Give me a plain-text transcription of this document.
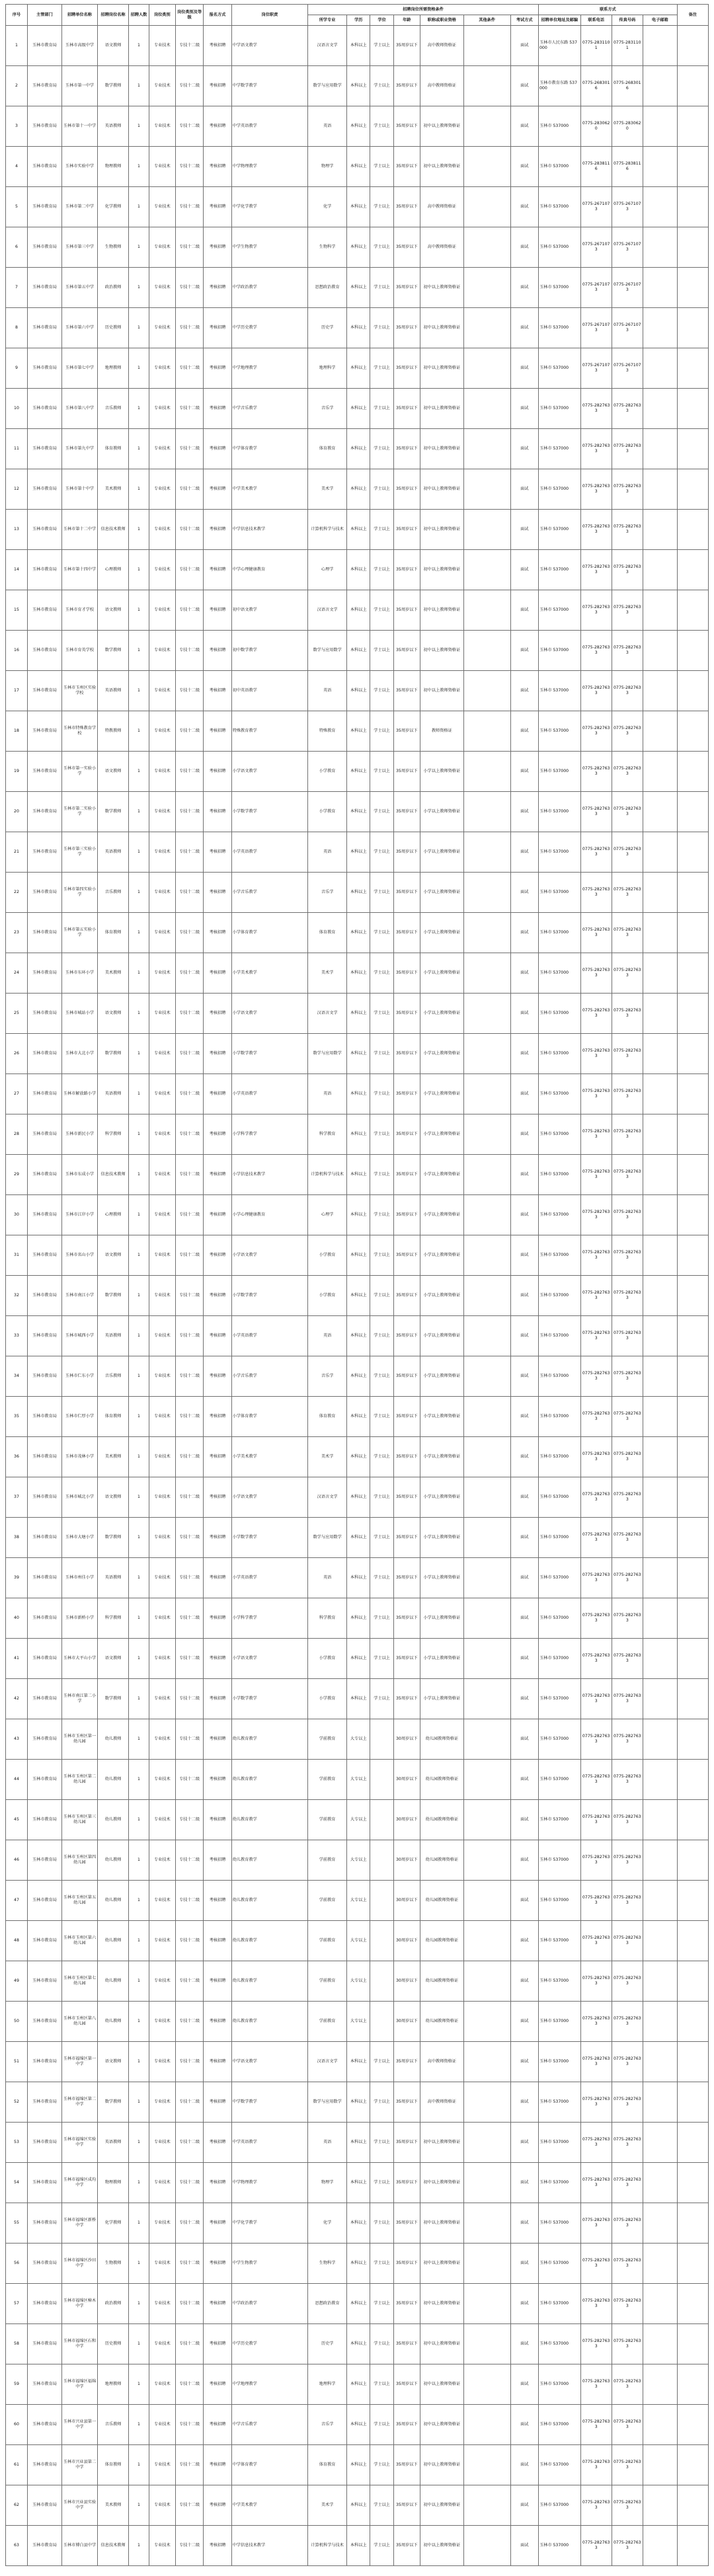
序号	主管部门	招聘单位名称	招聘岗位名称	招聘人数	岗位类别	岗位类别及等级	报名方式	岗位职责	招聘岗位所需资格条件							联系方式				备注
									所学专业	学历	学位	年龄	职称或职业资格	其他条件	考试方式	招聘单位地址及邮编	联系电话	传真号码	电子邮箱	
1	玉林市教育局	玉林市高级中学	语文教师	1	专业技术	专技十二级	考核招聘	中学语文教学	汉语言文学	本科以上	学士以上	35周岁以下	高中教师资格证		面试	玉林市人民东路 537000	0775-2831101	0775-2831101		
2	玉林市教育局	玉林市第一中学	数学教师	1	专业技术	专技十二级	考核招聘	中学数学教学	数学与应用数学	本科以上	学士以上	35周岁以下	高中教师资格证		面试	玉林市教育东路 537000	0775-2683016	0775-2683016		
3	玉林市教育局	玉林市第十一中学	英语教师	1	专业技术	专技十二级	考核招聘	中学英语教学	英语	本科以上	学士以上	35周岁以下	初中以上教师资格证		面试	玉林市 537000	0775-2830620	0775-2830620		
4	玉林市教育局	玉林市实验中学	物理教师	1	专业技术	专技十二级	考核招聘	中学物理教学	物理学	本科以上	学士以上	35周岁以下	初中以上教师资格证		面试	玉林市 537000	0775-2838116	0775-2838116		
5	玉林市教育局	玉林市第二中学	化学教师	1	专业技术	专技十二级	考核招聘	中学化学教学	化学	本科以上	学士以上	35周岁以下	高中教师资格证		面试	玉林市 537000	0775-2671073	0775-2671073		
6	玉林市教育局	玉林市第三中学	生物教师	1	专业技术	专技十二级	考核招聘	中学生物教学	生物科学	本科以上	学士以上	35周岁以下	高中教师资格证		面试	玉林市 537000	0775-2671073	0775-2671073		
7	玉林市教育局	玉林市第五中学	政治教师	1	专业技术	专技十二级	考核招聘	中学政治教学	思想政治教育	本科以上	学士以上	35周岁以下	初中以上教师资格证		面试	玉林市 537000	0775-2671073	0775-2671073		
8	玉林市教育局	玉林市第六中学	历史教师	1	专业技术	专技十二级	考核招聘	中学历史教学	历史学	本科以上	学士以上	35周岁以下	初中以上教师资格证		面试	玉林市 537000	0775-2671073	0775-2671073		
9	玉林市教育局	玉林市第七中学	地理教师	1	专业技术	专技十二级	考核招聘	中学地理教学	地理科学	本科以上	学士以上	35周岁以下	初中以上教师资格证		面试	玉林市 537000	0775-2671073	0775-2671073		
10	玉林市教育局	玉林市第八中学	音乐教师	1	专业技术	专技十二级	考核招聘	中学音乐教学	音乐学	本科以上	学士以上	35周岁以下	初中以上教师资格证		面试	玉林市 537000	0775-2827633	0775-2827633		
11	玉林市教育局	玉林市第九中学	体育教师	1	专业技术	专技十二级	考核招聘	中学体育教学	体育教育	本科以上	学士以上	35周岁以下	初中以上教师资格证		面试	玉林市 537000	0775-2827633	0775-2827633		
12	玉林市教育局	玉林市第十中学	美术教师	1	专业技术	专技十二级	考核招聘	中学美术教学	美术学	本科以上	学士以上	35周岁以下	初中以上教师资格证		面试	玉林市 537000	0775-2827633	0775-2827633		
13	玉林市教育局	玉林市第十二中学	信息技术教师	1	专业技术	专技十二级	考核招聘	中学信息技术教学	计算机科学与技术	本科以上	学士以上	35周岁以下	初中以上教师资格证		面试	玉林市 537000	0775-2827633	0775-2827633		
14	玉林市教育局	玉林市第十四中学	心理教师	1	专业技术	专技十二级	考核招聘	中学心理健康教育	心理学	本科以上	学士以上	35周岁以下	初中以上教师资格证		面试	玉林市 537000	0775-2827633	0775-2827633		
15	玉林市教育局	玉林市育才学校	语文教师	1	专业技术	专技十二级	考核招聘	初中语文教学	汉语言文学	本科以上	学士以上	35周岁以下	初中以上教师资格证		面试	玉林市 537000	0775-2827633	0775-2827633		
16	玉林市教育局	玉林市育英学校	数学教师	1	专业技术	专技十二级	考核招聘	初中数学教学	数学与应用数学	本科以上	学士以上	35周岁以下	初中以上教师资格证		面试	玉林市 537000	0775-2827633	0775-2827633		
17	玉林市教育局	玉林市玉州区实验学校	英语教师	1	专业技术	专技十二级	考核招聘	初中英语教学	英语	本科以上	学士以上	35周岁以下	初中以上教师资格证		面试	玉林市 537000	0775-2827633	0775-2827633		
18	玉林市教育局	玉林市特殊教育学校	特教教师	1	专业技术	专技十二级	考核招聘	特殊教育教学	特殊教育	本科以上	学士以上	35周岁以下	教师资格证		面试	玉林市 537000	0775-2827633	0775-2827633		
19	玉林市教育局	玉林市第一实验小学	语文教师	1	专业技术	专技十二级	考核招聘	小学语文教学	小学教育	本科以上	学士以上	35周岁以下	小学以上教师资格证		面试	玉林市 537000	0775-2827633	0775-2827633		
20	玉林市教育局	玉林市第二实验小学	数学教师	1	专业技术	专技十二级	考核招聘	小学数学教学	小学教育	本科以上	学士以上	35周岁以下	小学以上教师资格证		面试	玉林市 537000	0775-2827633	0775-2827633		
21	玉林市教育局	玉林市第三实验小学	英语教师	1	专业技术	专技十二级	考核招聘	小学英语教学	英语	本科以上	学士以上	35周岁以下	小学以上教师资格证		面试	玉林市 537000	0775-2827633	0775-2827633		
22	玉林市教育局	玉林市第四实验小学	音乐教师	1	专业技术	专技十二级	考核招聘	小学音乐教学	音乐学	本科以上	学士以上	35周岁以下	小学以上教师资格证		面试	玉林市 537000	0775-2827633	0775-2827633		
23	玉林市教育局	玉林市第五实验小学	体育教师	1	专业技术	专技十二级	考核招聘	小学体育教学	体育教育	本科以上	学士以上	35周岁以下	小学以上教师资格证		面试	玉林市 537000	0775-2827633	0775-2827633		
24	玉林市教育局	玉林市东环小学	美术教师	1	专业技术	专技十二级	考核招聘	小学美术教学	美术学	本科以上	学士以上	35周岁以下	小学以上教师资格证		面试	玉林市 537000	0775-2827633	0775-2827633		
25	玉林市教育局	玉林市城站小学	语文教师	1	专业技术	专技十二级	考核招聘	小学语文教学	汉语言文学	本科以上	学士以上	35周岁以下	小学以上教师资格证		面试	玉林市 537000	0775-2827633	0775-2827633		
26	玉林市教育局	玉林市大北小学	数学教师	1	专业技术	专技十二级	考核招聘	小学数学教学	数学与应用数学	本科以上	学士以上	35周岁以下	小学以上教师资格证		面试	玉林市 537000	0775-2827633	0775-2827633		
27	玉林市教育局	玉林市解放路小学	英语教师	1	专业技术	专技十二级	考核招聘	小学英语教学	英语	本科以上	学士以上	35周岁以下	小学以上教师资格证		面试	玉林市 537000	0775-2827633	0775-2827633		
28	玉林市教育局	玉林市新民小学	科学教师	1	专业技术	专技十二级	考核招聘	小学科学教学	科学教育	本科以上	学士以上	35周岁以下	小学以上教师资格证		面试	玉林市 537000	0775-2827633	0775-2827633		
29	玉林市教育局	玉林市东成小学	信息技术教师	1	专业技术	专技十二级	考核招聘	小学信息技术教学	计算机科学与技术	本科以上	学士以上	35周岁以下	小学以上教师资格证		面试	玉林市 537000	0775-2827633	0775-2827633		
30	玉林市教育局	玉林市江岸小学	心理教师	1	专业技术	专技十二级	考核招聘	小学心理健康教育	心理学	本科以上	学士以上	35周岁以下	小学以上教师资格证		面试	玉林市 537000	0775-2827633	0775-2827633		
31	玉林市教育局	玉林市名山小学	语文教师	1	专业技术	专技十二级	考核招聘	小学语文教学	小学教育	本科以上	学士以上	35周岁以下	小学以上教师资格证		面试	玉林市 537000	0775-2827633	0775-2827633		
32	玉林市教育局	玉林市南江小学	数学教师	1	专业技术	专技十二级	考核招聘	小学数学教学	小学教育	本科以上	学士以上	35周岁以下	小学以上教师资格证		面试	玉林市 537000	0775-2827633	0775-2827633		
33	玉林市教育局	玉林市城西小学	英语教师	1	专业技术	专技十二级	考核招聘	小学英语教学	英语	本科以上	学士以上	35周岁以下	小学以上教师资格证		面试	玉林市 537000	0775-2827633	0775-2827633		
34	玉林市教育局	玉林市仁东小学	音乐教师	1	专业技术	专技十二级	考核招聘	小学音乐教学	音乐学	本科以上	学士以上	35周岁以下	小学以上教师资格证		面试	玉林市 537000	0775-2827633	0775-2827633		
35	玉林市教育局	玉林市仁厚小学	体育教师	1	专业技术	专技十二级	考核招聘	小学体育教学	体育教育	本科以上	学士以上	35周岁以下	小学以上教师资格证		面试	玉林市 537000	0775-2827633	0775-2827633		
36	玉林市教育局	玉林市茂林小学	美术教师	1	专业技术	专技十二级	考核招聘	小学美术教学	美术学	本科以上	学士以上	35周岁以下	小学以上教师资格证		面试	玉林市 537000	0775-2827633	0775-2827633		
37	玉林市教育局	玉林市城北小学	语文教师	1	专业技术	专技十二级	考核招聘	小学语文教学	汉语言文学	本科以上	学士以上	35周岁以下	小学以上教师资格证		面试	玉林市 537000	0775-2827633	0775-2827633		
38	玉林市教育局	玉林市大塘小学	数学教师	1	专业技术	专技十二级	考核招聘	小学数学教学	数学与应用数学	本科以上	学士以上	35周岁以下	小学以上教师资格证		面试	玉林市 537000	0775-2827633	0775-2827633		
39	玉林市教育局	玉林市州佳小学	英语教师	1	专业技术	专技十二级	考核招聘	小学英语教学	英语	本科以上	学士以上	35周岁以下	小学以上教师资格证		面试	玉林市 537000	0775-2827633	0775-2827633		
40	玉林市教育局	玉林市新桥小学	科学教师	1	专业技术	专技十二级	考核招聘	小学科学教学	科学教育	本科以上	学士以上	35周岁以下	小学以上教师资格证		面试	玉林市 537000	0775-2827633	0775-2827633		
41	玉林市教育局	玉林市大平山小学	语文教师	1	专业技术	专技十二级	考核招聘	小学语文教学	小学教育	本科以上	学士以上	35周岁以下	小学以上教师资格证		面试	玉林市 537000	0775-2827633	0775-2827633		
42	玉林市教育局	玉林市南江第二小学	数学教师	1	专业技术	专技十二级	考核招聘	小学数学教学	小学教育	本科以上	学士以上	35周岁以下	小学以上教师资格证		面试	玉林市 537000	0775-2827633	0775-2827633		
43	玉林市教育局	玉林市玉州区第一幼儿园	幼儿教师	1	专业技术	专技十二级	考核招聘	幼儿教育教学	学前教育	大专以上		30周岁以下	幼儿园教师资格证		面试	玉林市 537000	0775-2827633	0775-2827633		
44	玉林市教育局	玉林市玉州区第二幼儿园	幼儿教师	1	专业技术	专技十二级	考核招聘	幼儿教育教学	学前教育	大专以上		30周岁以下	幼儿园教师资格证		面试	玉林市 537000	0775-2827633	0775-2827633		
45	玉林市教育局	玉林市玉州区第三幼儿园	幼儿教师	1	专业技术	专技十二级	考核招聘	幼儿教育教学	学前教育	大专以上		30周岁以下	幼儿园教师资格证		面试	玉林市 537000	0775-2827633	0775-2827633		
46	玉林市教育局	玉林市玉州区第四幼儿园	幼儿教师	1	专业技术	专技十二级	考核招聘	幼儿教育教学	学前教育	大专以上		30周岁以下	幼儿园教师资格证		面试	玉林市 537000	0775-2827633	0775-2827633		
47	玉林市教育局	玉林市玉州区第五幼儿园	幼儿教师	1	专业技术	专技十二级	考核招聘	幼儿教育教学	学前教育	大专以上		30周岁以下	幼儿园教师资格证		面试	玉林市 537000	0775-2827633	0775-2827633		
48	玉林市教育局	玉林市玉州区第六幼儿园	幼儿教师	1	专业技术	专技十二级	考核招聘	幼儿教育教学	学前教育	大专以上		30周岁以下	幼儿园教师资格证		面试	玉林市 537000	0775-2827633	0775-2827633		
49	玉林市教育局	玉林市玉州区第七幼儿园	幼儿教师	1	专业技术	专技十二级	考核招聘	幼儿教育教学	学前教育	大专以上		30周岁以下	幼儿园教师资格证		面试	玉林市 537000	0775-2827633	0775-2827633		
50	玉林市教育局	玉林市玉州区第八幼儿园	幼儿教师	1	专业技术	专技十二级	考核招聘	幼儿教育教学	学前教育	大专以上		30周岁以下	幼儿园教师资格证		面试	玉林市 537000	0775-2827633	0775-2827633		
51	玉林市教育局	玉林市福绵区第一中学	语文教师	1	专业技术	专技十二级	考核招聘	中学语文教学	汉语言文学	本科以上	学士以上	35周岁以下	高中教师资格证		面试	玉林市 537000	0775-2827633	0775-2827633		
52	玉林市教育局	玉林市福绵区第二中学	数学教师	1	专业技术	专技十二级	考核招聘	中学数学教学	数学与应用数学	本科以上	学士以上	35周岁以下	高中教师资格证		面试	玉林市 537000	0775-2827633	0775-2827633		
53	玉林市教育局	玉林市福绵区实验中学	英语教师	1	专业技术	专技十二级	考核招聘	中学英语教学	英语	本科以上	学士以上	35周岁以下	初中以上教师资格证		面试	玉林市 537000	0775-2827633	0775-2827633		
54	玉林市教育局	玉林市福绵区成均中学	物理教师	1	专业技术	专技十二级	考核招聘	中学物理教学	物理学	本科以上	学士以上	35周岁以下	初中以上教师资格证		面试	玉林市 537000	0775-2827633	0775-2827633		
55	玉林市教育局	玉林市福绵区新桥中学	化学教师	1	专业技术	专技十二级	考核招聘	中学化学教学	化学	本科以上	学士以上	35周岁以下	初中以上教师资格证		面试	玉林市 537000	0775-2827633	0775-2827633		
56	玉林市教育局	玉林市福绵区沙田中学	生物教师	1	专业技术	专技十二级	考核招聘	中学生物教学	生物科学	本科以上	学士以上	35周岁以下	初中以上教师资格证		面试	玉林市 537000	0775-2827633	0775-2827633		
57	玉林市教育局	玉林市福绵区樟木中学	政治教师	1	专业技术	专技十二级	考核招聘	中学政治教学	思想政治教育	本科以上	学士以上	35周岁以下	初中以上教师资格证		面试	玉林市 537000	0775-2827633	0775-2827633		
58	玉林市教育局	玉林市福绵区石和中学	历史教师	1	专业技术	专技十二级	考核招聘	中学历史教学	历史学	本科以上	学士以上	35周岁以下	初中以上教师资格证		面试	玉林市 537000	0775-2827633	0775-2827633		
59	玉林市教育局	玉林市福绵区福绵中学	地理教师	1	专业技术	专技十二级	考核招聘	中学地理教学	地理科学	本科以上	学士以上	35周岁以下	初中以上教师资格证		面试	玉林市 537000	0775-2827633	0775-2827633		
60	玉林市教育局	玉林市兴业县第一中学	音乐教师	1	专业技术	专技十二级	考核招聘	中学音乐教学	音乐学	本科以上	学士以上	35周岁以下	初中以上教师资格证		面试	玉林市 537000	0775-2827633	0775-2827633		
61	玉林市教育局	玉林市兴业县第二中学	体育教师	1	专业技术	专技十二级	考核招聘	中学体育教学	体育教育	本科以上	学士以上	35周岁以下	初中以上教师资格证		面试	玉林市 537000	0775-2827633	0775-2827633		
62	玉林市教育局	玉林市兴业县实验中学	美术教师	1	专业技术	专技十二级	考核招聘	中学美术教学	美术学	本科以上	学士以上	35周岁以下	初中以上教师资格证		面试	玉林市 537000	0775-2827633	0775-2827633		
63	玉林市教育局	玉林市博白县中学	信息技术教师	1	专业技术	专技十二级	考核招聘	中学信息技术教学	计算机科学与技术	本科以上	学士以上	35周岁以下	初中以上教师资格证		面试	玉林市 537000	0775-2827633	0775-2827633		
